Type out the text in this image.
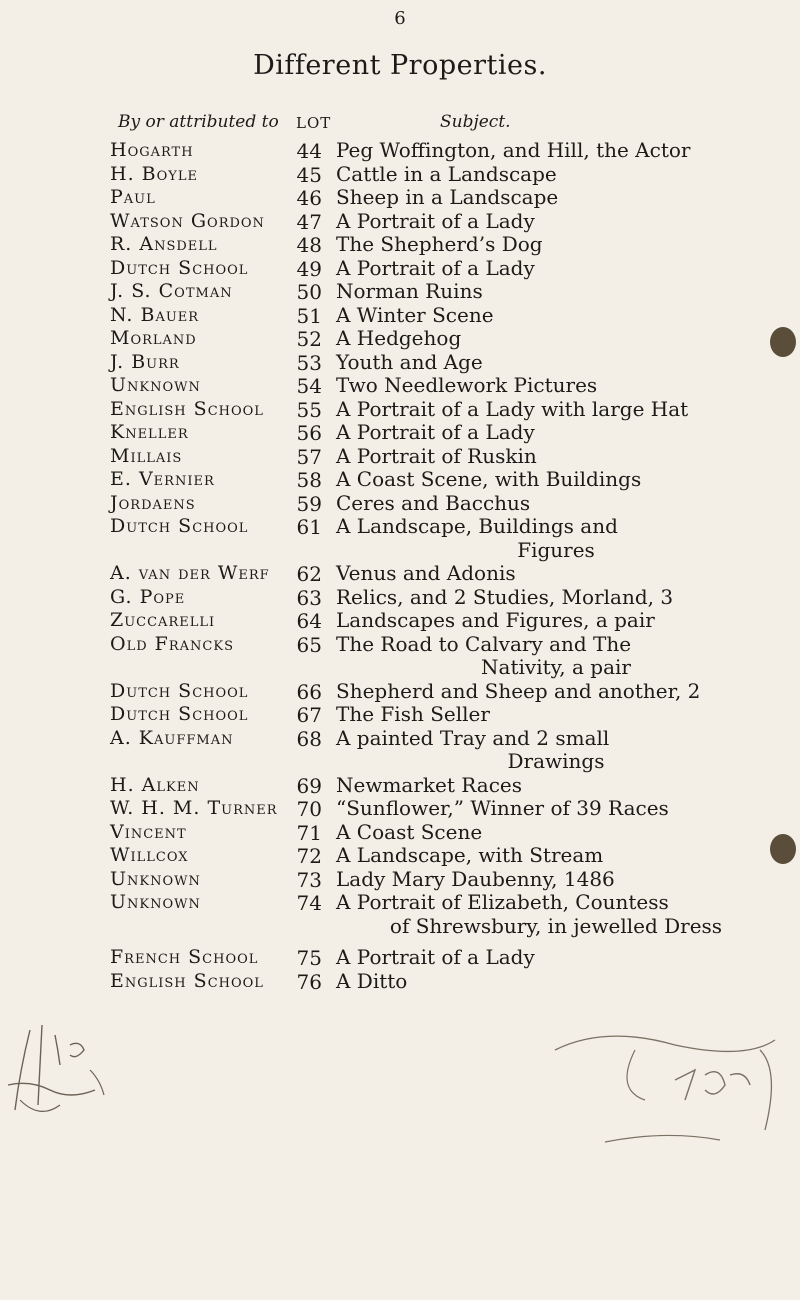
6
Different Properties.
By or attributed to LOT	Subject.
Hogarth	44 Peg Woffington, and Hill, the Actor
H. Boyle	45 Cattle in a Landscape
Paul	46 Sheep in a Landscape
Watson Gordon	47 A Portrait of a Lady
R. Ansdell	48 The Shepherd’s Dog
Dutch School	49 A Portrait of a Lady
J. S. Cotman	50 Norman Ruins
N. Bauer	51 A Winter Scene
Morland	52 A Hedgehog
J. Burr	53 Youth and Age
Unknown	54 Two Needlework Pictures
English School	55 A Portrait of a Lady with large Hat
Kneller	56 A Portrait of a Lady
Millais	57 A Portrait of Ruskin
E. Vernier	58 A Coast Scene, with Buildings
Jordaens	59 Ceres and Bacchus
Dutch School	61 A Landscape, Buildings and
Figures
A. van der Werf	62 Venus and Adonis
G. Pope	63 Relics, and 2 Studies, Morland, 3
Zuccarelli	64 Landscapes and Figures, a pair
Old Francks	65 The Road to Calvary and The
Nativity, a pair
Dutch School	66 Shepherd and Sheep and another, 2
Dutch School	67 The Fish Seller
A. Kauffman	68 A painted Tray and 2 small
Drawings
H. Alken	69 Newmarket Races
W. H. M. Turner 70 “Sunflower,” Winner of 39 Races
Vincent	71 A Coast Scene
Willcox	72 A Landscape, with Stream
Unknown	73 Lady Mary Daubenny, 1486
Unknown	74 A Portrait of Elizabeth, Countess
of Shrewsbury, in jewelled Dress
French School	75 A Portrait of a Lady
English School	76 A Ditto
